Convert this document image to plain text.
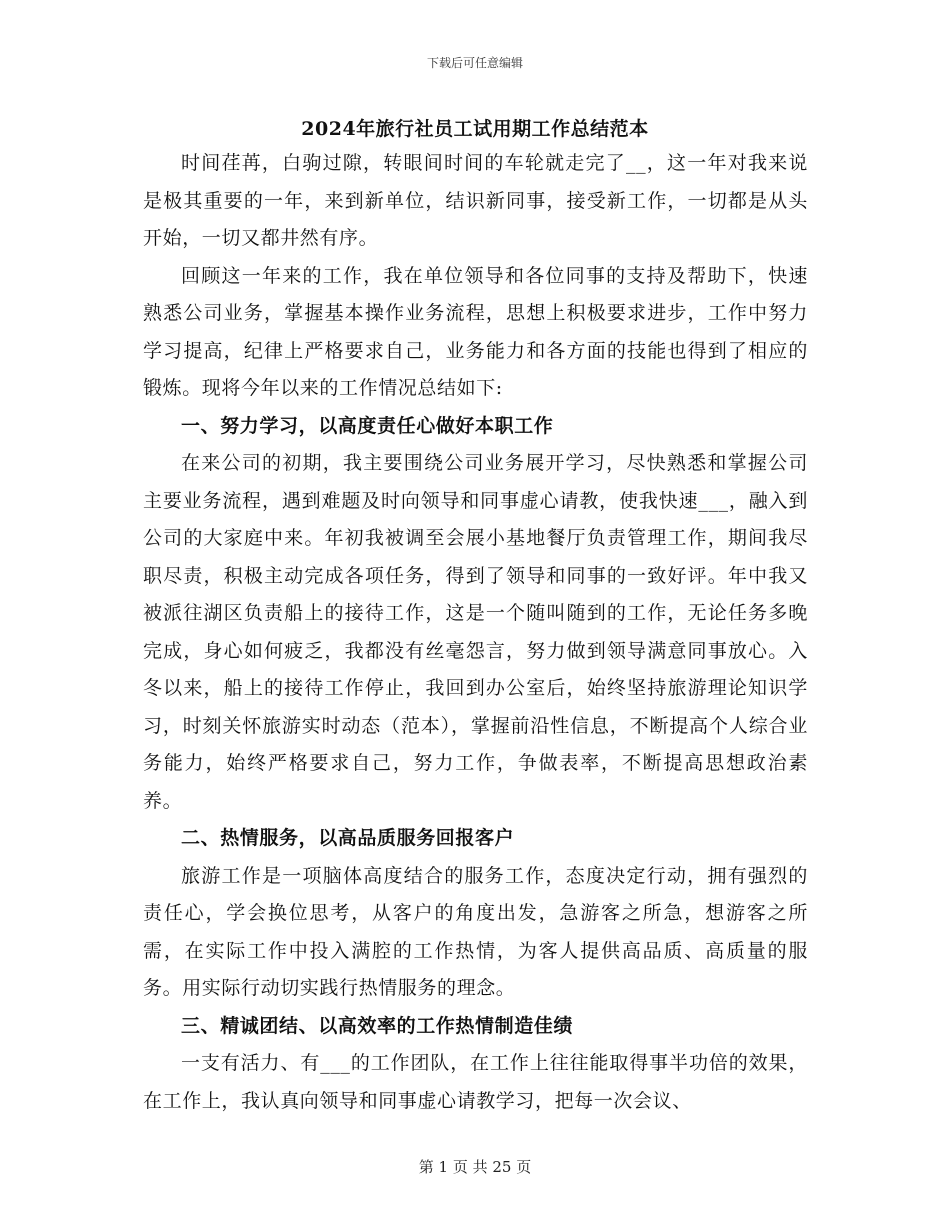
下载后可任意编辑
2024年旅行社员工试用期工作总结范本

时间荏苒，白驹过隙，转眼间时间的车轮就走完了__，这一年对我来说是极其重要的一年，来到新单位，结识新同事，接受新工作，一切都是从头开始，一切又都井然有序。

回顾这一年来的工作，我在单位领导和各位同事的支持及帮助下，快速熟悉公司业务，掌握基本操作业务流程，思想上积极要求进步，工作中努力学习提高，纪律上严格要求自己，业务能力和各方面的技能也得到了相应的锻炼。现将今年以来的工作情况总结如下:

一、努力学习，以高度责任心做好本职工作

在来公司的初期，我主要围绕公司业务展开学习，尽快熟悉和掌握公司主要业务流程，遇到难题及时向领导和同事虚心请教，使我快速___，融入到公司的大家庭中来。年初我被调至会展小基地餐厅负责管理工作，期间我尽职尽责，积极主动完成各项任务，得到了领导和同事的一致好评。年中我又被派往湖区负责船上的接待工作，这是一个随叫随到的工作，无论任务多晚完成，身心如何疲乏，我都没有丝毫怨言，努力做到领导满意同事放心。入冬以来，船上的接待工作停止，我回到办公室后，始终坚持旅游理论知识学习，时刻关怀旅游实时动态（范本），掌握前沿性信息，不断提高个人综合业务能力，始终严格要求自己，努力工作，争做表率，不断提高思想政治素养。

二、热情服务，以高品质服务回报客户

旅游工作是一项脑体高度结合的服务工作，态度决定行动，拥有强烈的责任心，学会换位思考，从客户的角度出发，急游客之所急，想游客之所需，在实际工作中投入满腔的工作热情，为客人提供高品质、高质量的服务。用实际行动切实践行热情服务的理念。

三、精诚团结、以高效率的工作热情制造佳绩

一支有活力、有___的工作团队，在工作上往往能取得事半功倍的效果，在工作上，我认真向领导和同事虚心请教学习，把每一次会议、

第 1 页 共 25 页
